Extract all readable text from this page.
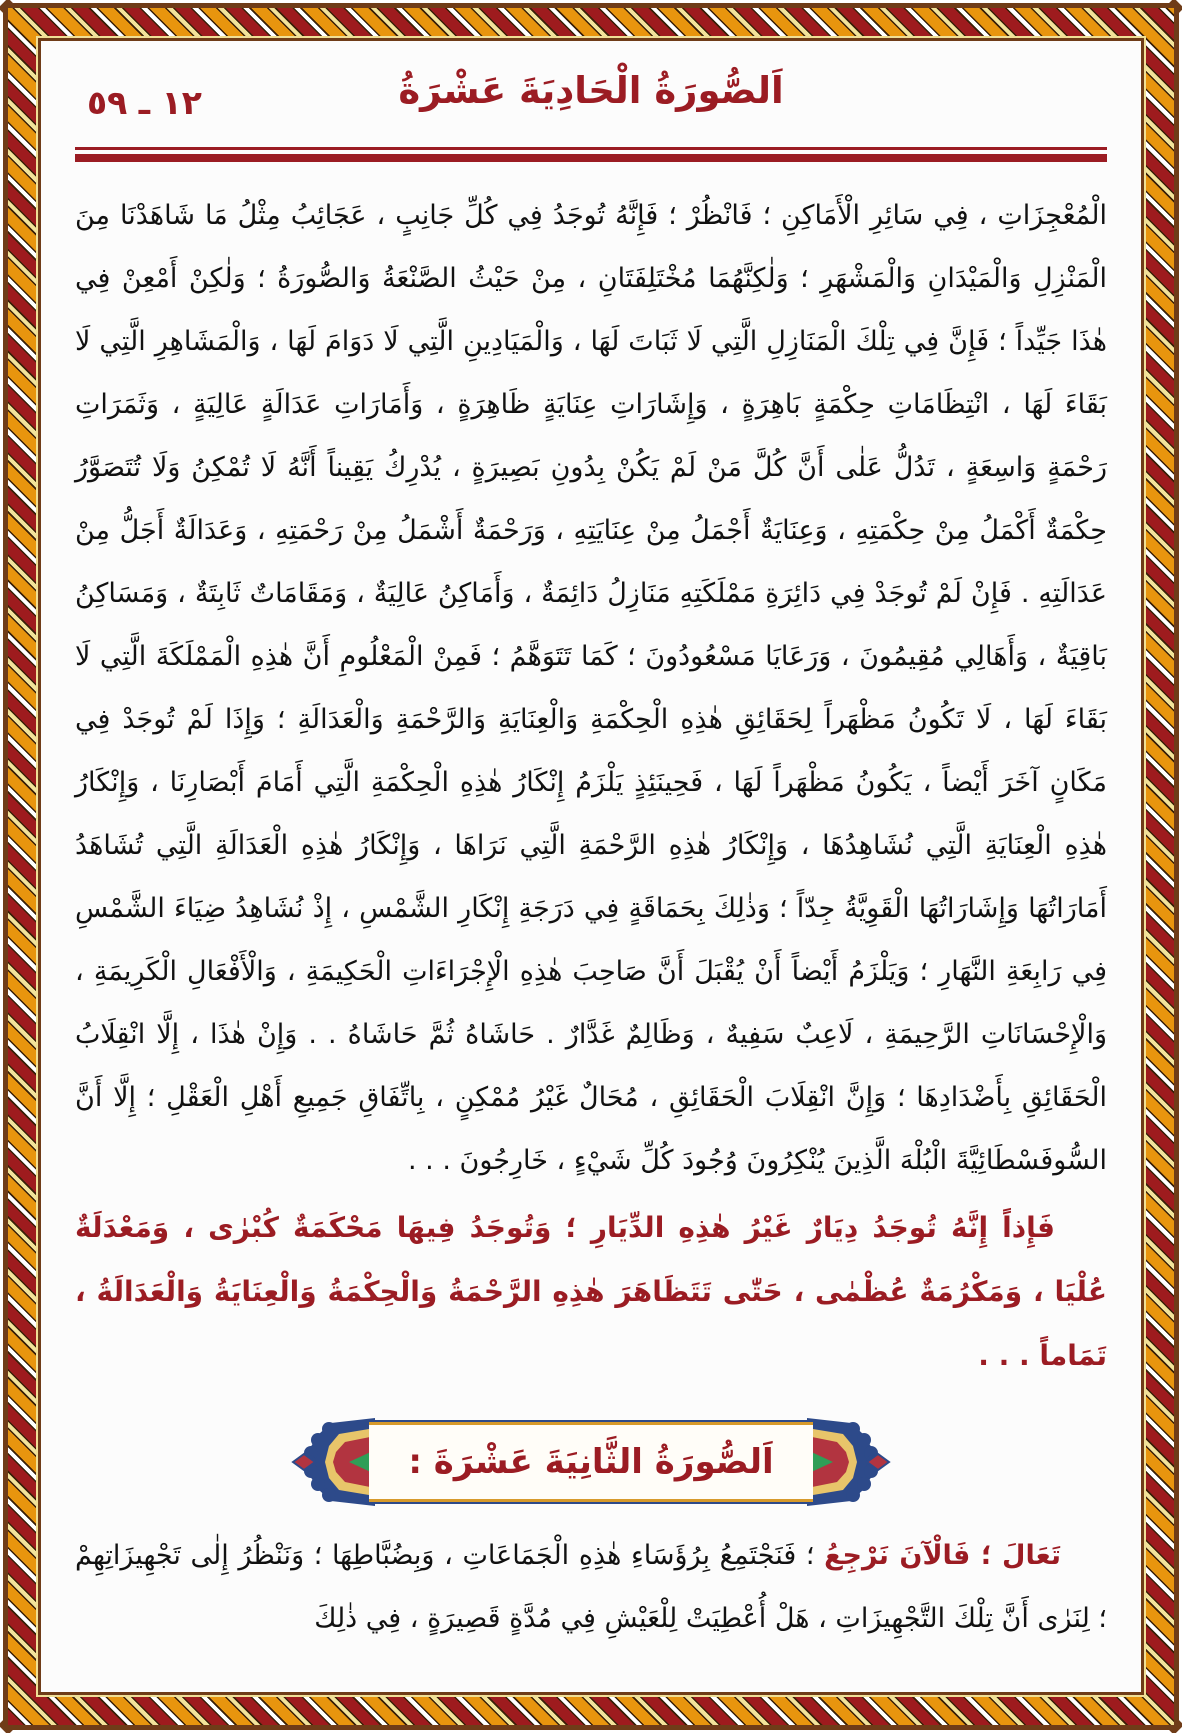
١٢ ـ ٥٩	اَلصُّورَةُ الْحَادِيَةَ عَشْرَةُ

الْمُعْجِزَاتِ ، فِي سَائِرِ الْأَمَاكِنِ ؛ فَانْظُرْ ؛ فَإِنَّهُ تُوجَدُ فِي كُلِّ جَانِبٍ ، عَجَائِبُ مِثْلُ مَا شَاهَدْنَا مِنَ الْمَنْزِلِ وَالْمَيْدَانِ وَالْمَشْهَرِ ؛ وَلٰكِنَّهُمَا مُخْتَلِفَتَانِ ، مِنْ حَيْثُ الصَّنْعَةُ وَالصُّورَةُ ؛ وَلٰكِنْ أَمْعِنْ فِي هٰذَا جَيِّداً ؛ فَإِنَّ فِي تِلْكَ الْمَنَازِلِ الَّتِي لَا ثَبَاتَ لَهَا ، وَالْمَيَادِينِ الَّتِي لَا دَوَامَ لَهَا ، وَالْمَشَاهِرِ الَّتِي لَا بَقَاءَ لَهَا ، انْتِظَامَاتِ حِكْمَةٍ بَاهِرَةٍ ، وَإِشَارَاتِ عِنَايَةٍ ظَاهِرَةٍ ، وَأَمَارَاتِ عَدَالَةٍ عَالِيَةٍ ، وَثَمَرَاتِ رَحْمَةٍ وَاسِعَةٍ ، تَدُلُّ عَلٰى أَنَّ كُلَّ مَنْ لَمْ يَكُنْ بِدُونِ بَصِيرَةٍ ، يُدْرِكُ يَقِيناً أَنَّهُ لَا تُمْكِنُ وَلَا تُتَصَوَّرُ حِكْمَةٌ أَكْمَلُ مِنْ حِكْمَتِهِ ، وَعِنَايَةٌ أَجْمَلُ مِنْ عِنَايَتِهِ ، وَرَحْمَةٌ أَشْمَلُ مِنْ رَحْمَتِهِ ، وَعَدَالَةٌ أَجَلُّ مِنْ عَدَالَتِهِ . فَإِنْ لَمْ تُوجَدْ فِي دَائِرَةِ مَمْلَكَتِهِ مَنَازِلُ دَائِمَةٌ ، وَأَمَاكِنُ عَالِيَةٌ ، وَمَقَامَاتٌ ثَابِتَةٌ ، وَمَسَاكِنُ بَاقِيَةٌ ، وَأَهَالِي مُقِيمُونَ ، وَرَعَايَا مَسْعُودُونَ ؛ كَمَا تَتَوَهَّمُ ؛ فَمِنْ الْمَعْلُومِ أَنَّ هٰذِهِ الْمَمْلَكَةَ الَّتِي لَا بَقَاءَ لَهَا ، لَا تَكُونُ مَظْهَراً لِحَقَائِقِ هٰذِهِ الْحِكْمَةِ وَالْعِنَايَةِ وَالرَّحْمَةِ وَالْعَدَالَةِ ؛ وَإِذَا لَمْ تُوجَدْ فِي مَكَانٍ آخَرَ أَيْضاً ، يَكُونُ مَظْهَراً لَهَا ، فَحِينَئِذٍ يَلْزَمُ إِنْكَارُ هٰذِهِ الْحِكْمَةِ الَّتِي أَمَامَ أَبْصَارِنَا ، وَإِنْكَارُ هٰذِهِ الْعِنَايَةِ الَّتِي نُشَاهِدُهَا ، وَإِنْكَارُ هٰذِهِ الرَّحْمَةِ الَّتِي نَرَاهَا ، وَإِنْكَارُ هٰذِهِ الْعَدَالَةِ الَّتِي تُشَاهَدُ أَمَارَاتُهَا وَإِشَارَاتُهَا الْقَوِيَّةُ جِدّاً ؛ وَذٰلِكَ بِحَمَاقَةٍ فِي دَرَجَةِ إِنْكَارِ الشَّمْسِ ، إِذْ نُشَاهِدُ ضِيَاءَ الشَّمْسِ فِي رَابِعَةِ النَّهَارِ ؛ وَيَلْزَمُ أَيْضاً أَنْ يُقْبَلَ أَنَّ صَاحِبَ هٰذِهِ الْإِجْرَاءَاتِ الْحَكِيمَةِ ، وَالْأَفْعَالِ الْكَرِيمَةِ ، وَالْإِحْسَانَاتِ الرَّحِيمَةِ ، لَاعِبٌ سَفِيهٌ ، وَظَالِمٌ غَدَّارٌ . حَاشَاهُ ثُمَّ حَاشَاهُ . . وَإِنْ هٰذَا ، إِلَّا انْقِلَابُ الْحَقَائِقِ بِأَضْدَادِهَا ؛ وَإِنَّ انْقِلَابَ الْحَقَائِقِ ، مُحَالٌ غَيْرُ مُمْكِنٍ ، بِاتِّفَاقِ جَمِيعِ أَهْلِ الْعَقْلِ ؛ إِلَّا أَنَّ السُّوفَسْطَائِيَّةَ الْبُلْهَ الَّذِينَ يُنْكِرُونَ وُجُودَ كُلِّ شَيْءٍ ، خَارِجُونَ . . .

فَإِذاً إِنَّهُ تُوجَدُ دِيَارٌ غَيْرُ هٰذِهِ الدِّيَارِ ؛ وَتُوجَدُ فِيهَا مَحْكَمَةٌ كُبْرٰى ، وَمَعْدَلَةٌ عُلْيَا ، وَمَكْرُمَةٌ عُظْمٰى ، حَتّٰى تَتَظَاهَرَ هٰذِهِ الرَّحْمَةُ وَالْحِكْمَةُ وَالْعِنَايَةُ وَالْعَدَالَةُ ، تَمَاماً . . .

اَلصُّورَةُ الثَّانِيَةَ عَشْرَةَ :

تَعَالَ ؛ فَالْآنَ نَرْجِعُ ؛ فَنَجْتَمِعُ بِرُؤَسَاءِ هٰذِهِ الْجَمَاعَاتِ ، وَبِضُبَّاطِهَا ؛ وَنَنْظُرُ إِلٰى تَجْهِيزَاتِهِمْ ؛ لِنَرٰى أَنَّ تِلْكَ التَّجْهِيزَاتِ ، هَلْ أُعْطِيَتْ لِلْعَيْشِ فِي مُدَّةٍ قَصِيرَةٍ ، فِي ذٰلِكَ
